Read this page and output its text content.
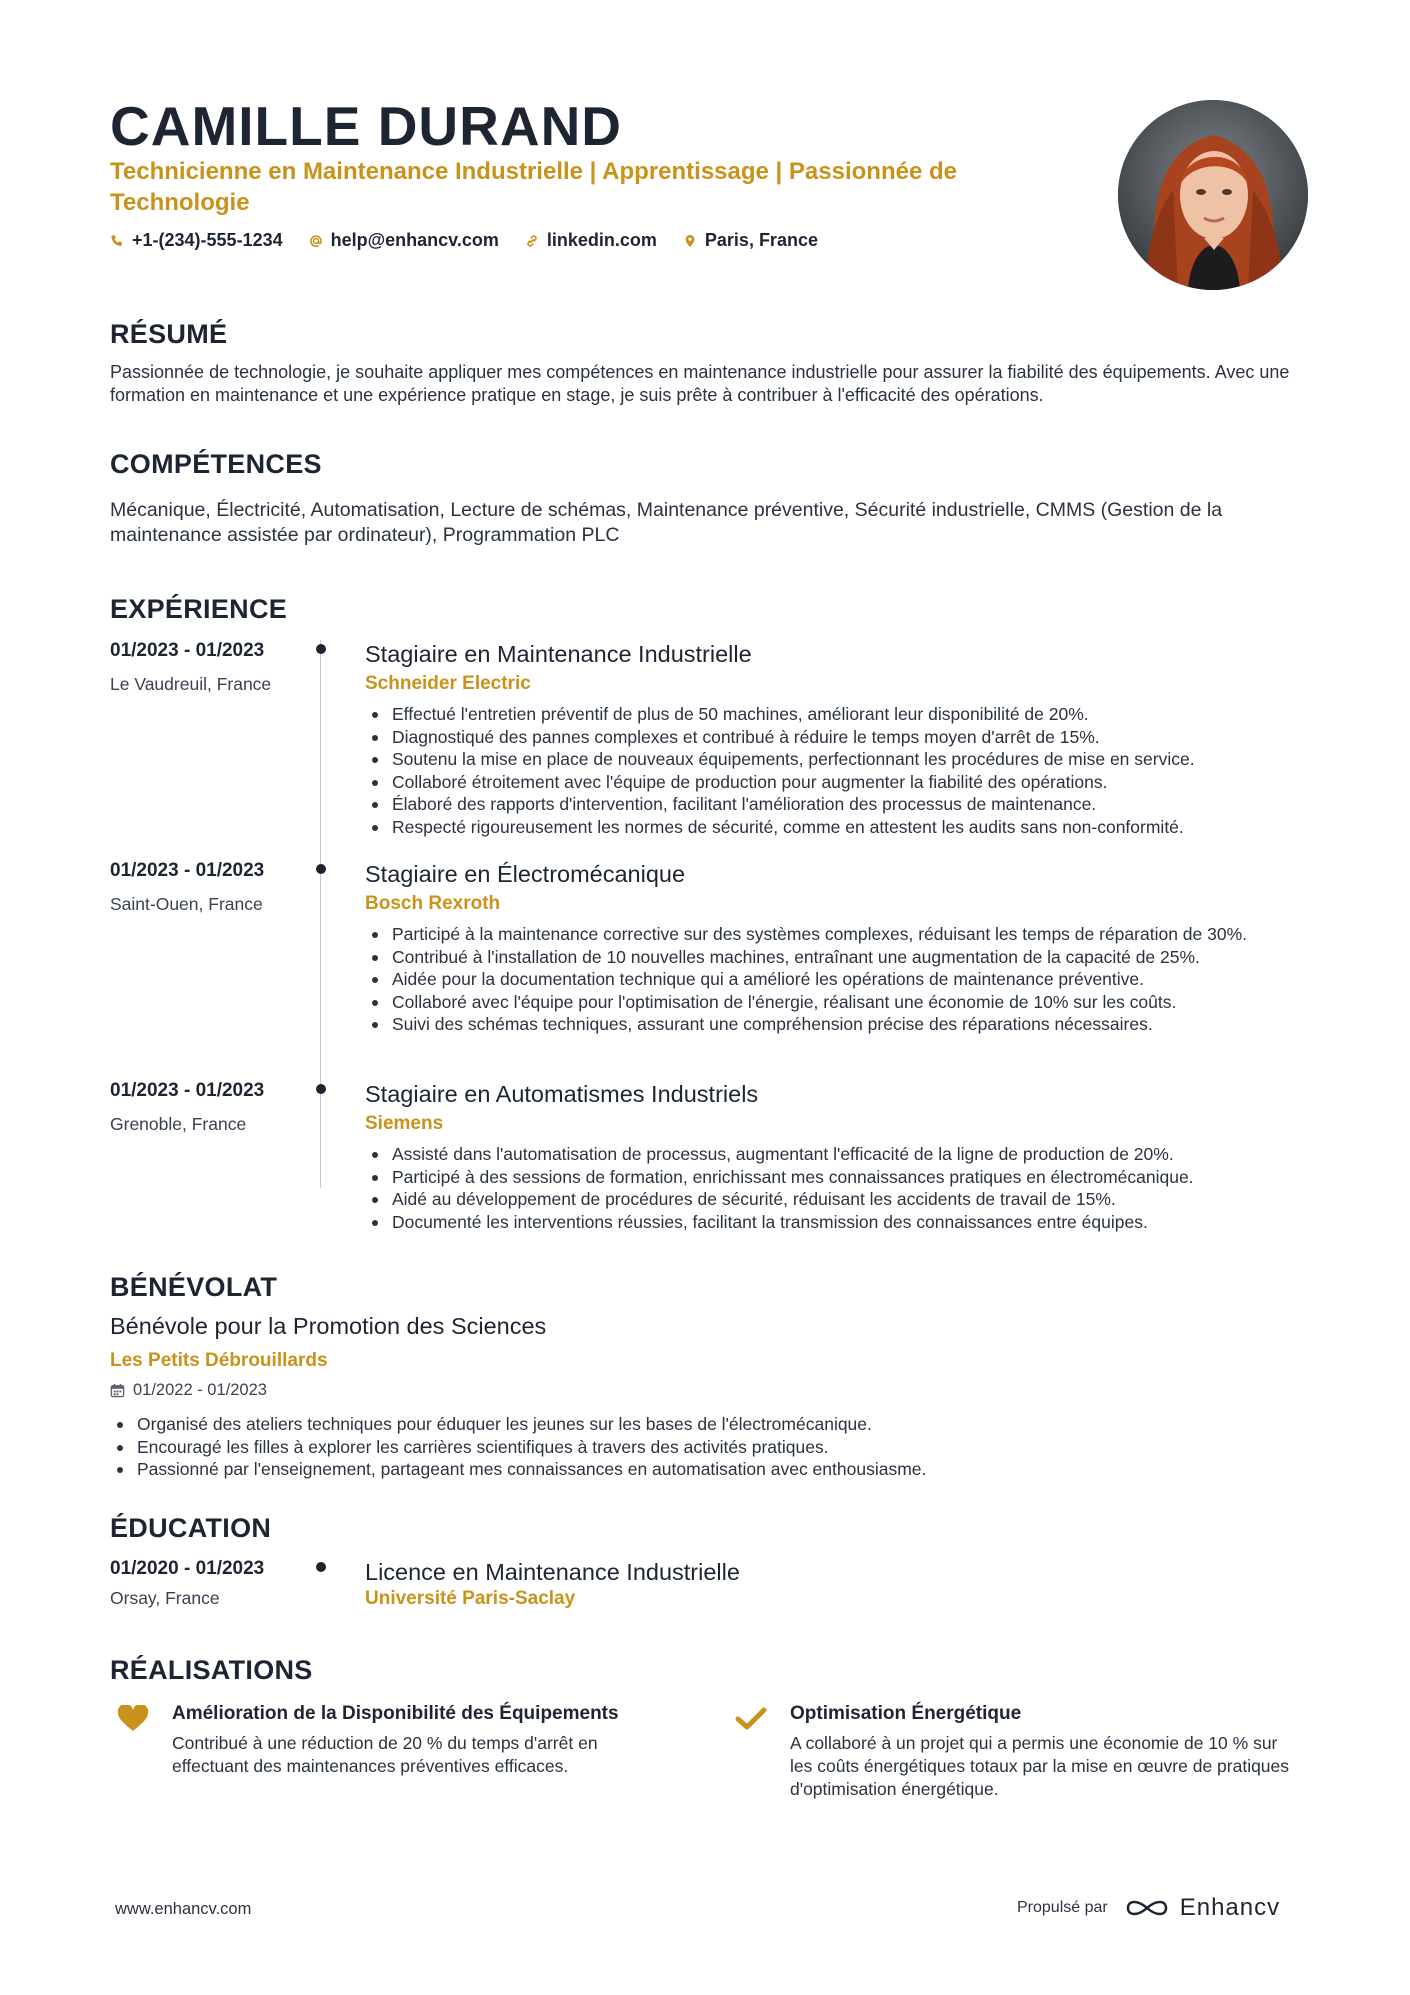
CAMILLE DURAND
Technicienne en Maintenance Industrielle | Apprentissage | Passionnée de Technologie
+1-(234)-555-1234	help@enhancv.com	linkedin.com	Paris, France
RÉSUMÉ
Passionnée de technologie, je souhaite appliquer mes compétences en maintenance industrielle pour assurer la fiabilité des équipements. Avec une formation en maintenance et une expérience pratique en stage, je suis prête à contribuer à l'efficacité des opérations.
COMPÉTENCES
Mécanique, Électricité, Automatisation, Lecture de schémas, Maintenance préventive, Sécurité industrielle, CMMS (Gestion de la maintenance assistée par ordinateur), Programmation PLC
EXPÉRIENCE
01/2023 - 01/2023
Le Vaudreuil, France
Stagiaire en Maintenance Industrielle
Schneider Electric
Effectué l'entretien préventif de plus de 50 machines, améliorant leur disponibilité de 20%.
Diagnostiqué des pannes complexes et contribué à réduire le temps moyen d'arrêt de 15%.
Soutenu la mise en place de nouveaux équipements, perfectionnant les procédures de mise en service.
Collaboré étroitement avec l'équipe de production pour augmenter la fiabilité des opérations.
Élaboré des rapports d'intervention, facilitant l'amélioration des processus de maintenance.
Respecté rigoureusement les normes de sécurité, comme en attestent les audits sans non-conformité.
01/2023 - 01/2023
Saint-Ouen, France
Stagiaire en Électromécanique
Bosch Rexroth
Participé à la maintenance corrective sur des systèmes complexes, réduisant les temps de réparation de 30%.
Contribué à l'installation de 10 nouvelles machines, entraînant une augmentation de la capacité de 25%.
Aidée pour la documentation technique qui a amélioré les opérations de maintenance préventive.
Collaboré avec l'équipe pour l'optimisation de l'énergie, réalisant une économie de 10% sur les coûts.
Suivi des schémas techniques, assurant une compréhension précise des réparations nécessaires.
01/2023 - 01/2023
Grenoble, France
Stagiaire en Automatismes Industriels
Siemens
Assisté dans l'automatisation de processus, augmentant l'efficacité de la ligne de production de 20%.
Participé à des sessions de formation, enrichissant mes connaissances pratiques en électromécanique.
Aidé au développement de procédures de sécurité, réduisant les accidents de travail de 15%.
Documenté les interventions réussies, facilitant la transmission des connaissances entre équipes.
BÉNÉVOLAT
Bénévole pour la Promotion des Sciences
Les Petits Débrouillards
01/2022 - 01/2023
Organisé des ateliers techniques pour éduquer les jeunes sur les bases de l'électromécanique.
Encouragé les filles à explorer les carrières scientifiques à travers des activités pratiques.
Passionné par l'enseignement, partageant mes connaissances en automatisation avec enthousiasme.
ÉDUCATION
01/2020 - 01/2023
Orsay, France
Licence en Maintenance Industrielle
Université Paris-Saclay
RÉALISATIONS
Amélioration de la Disponibilité des Équipements
Contribué à une réduction de 20 % du temps d'arrêt en effectuant des maintenances préventives efficaces.
Optimisation Énergétique
A collaboré à un projet qui a permis une économie de 10 % sur les coûts énergétiques totaux par la mise en œuvre de pratiques d'optimisation énergétique.
www.enhancv.com	Propulsé par	Enhancv
